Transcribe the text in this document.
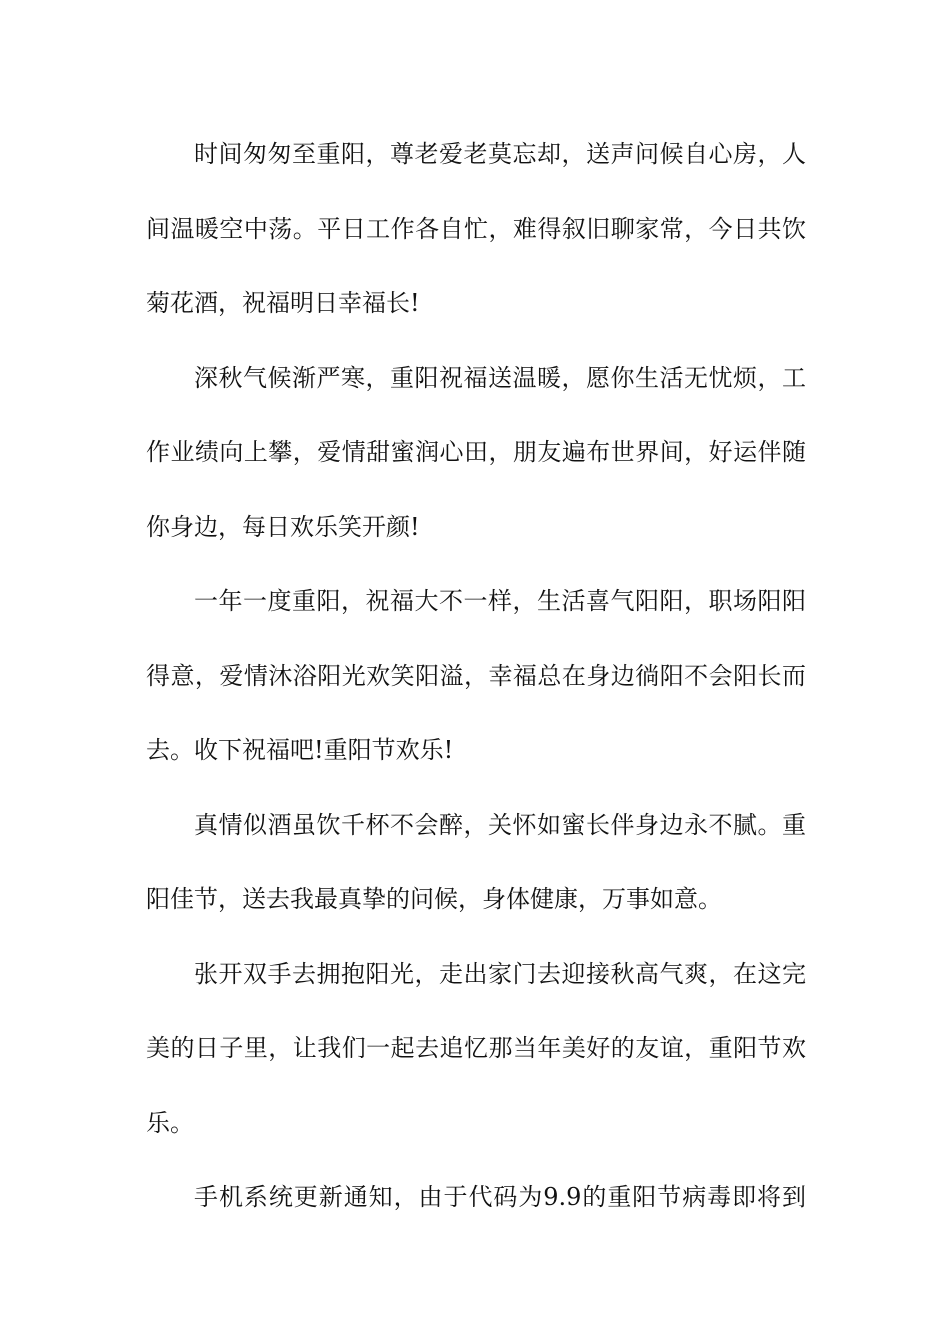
时间匆匆至重阳，尊老爱老莫忘却，送声问候自心房，人
间温暖空中荡。平日工作各自忙，难得叙旧聊家常，今日共饮
菊花酒，祝福明日幸福长!
深秋气候渐严寒，重阳祝福送温暖，愿你生活无忧烦，工
作业绩向上攀，爱情甜蜜润心田，朋友遍布世界间，好运伴随
你身边，每日欢乐笑开颜!
一年一度重阳，祝福大不一样，生活喜气阳阳，职场阳阳
得意，爱情沐浴阳光欢笑阳溢，幸福总在身边徜阳不会阳长而
去。收下祝福吧!重阳节欢乐!
真情似酒虽饮千杯不会醉，关怀如蜜长伴身边永不腻。重
阳佳节，送去我最真挚的问候，身体健康，万事如意。
张开双手去拥抱阳光，走出家门去迎接秋高气爽，在这完
美的日子里，让我们一起去追忆那当年美好的友谊，重阳节欢
乐。
手机系统更新通知，由于代码为9.9的重阳节病毒即将到
